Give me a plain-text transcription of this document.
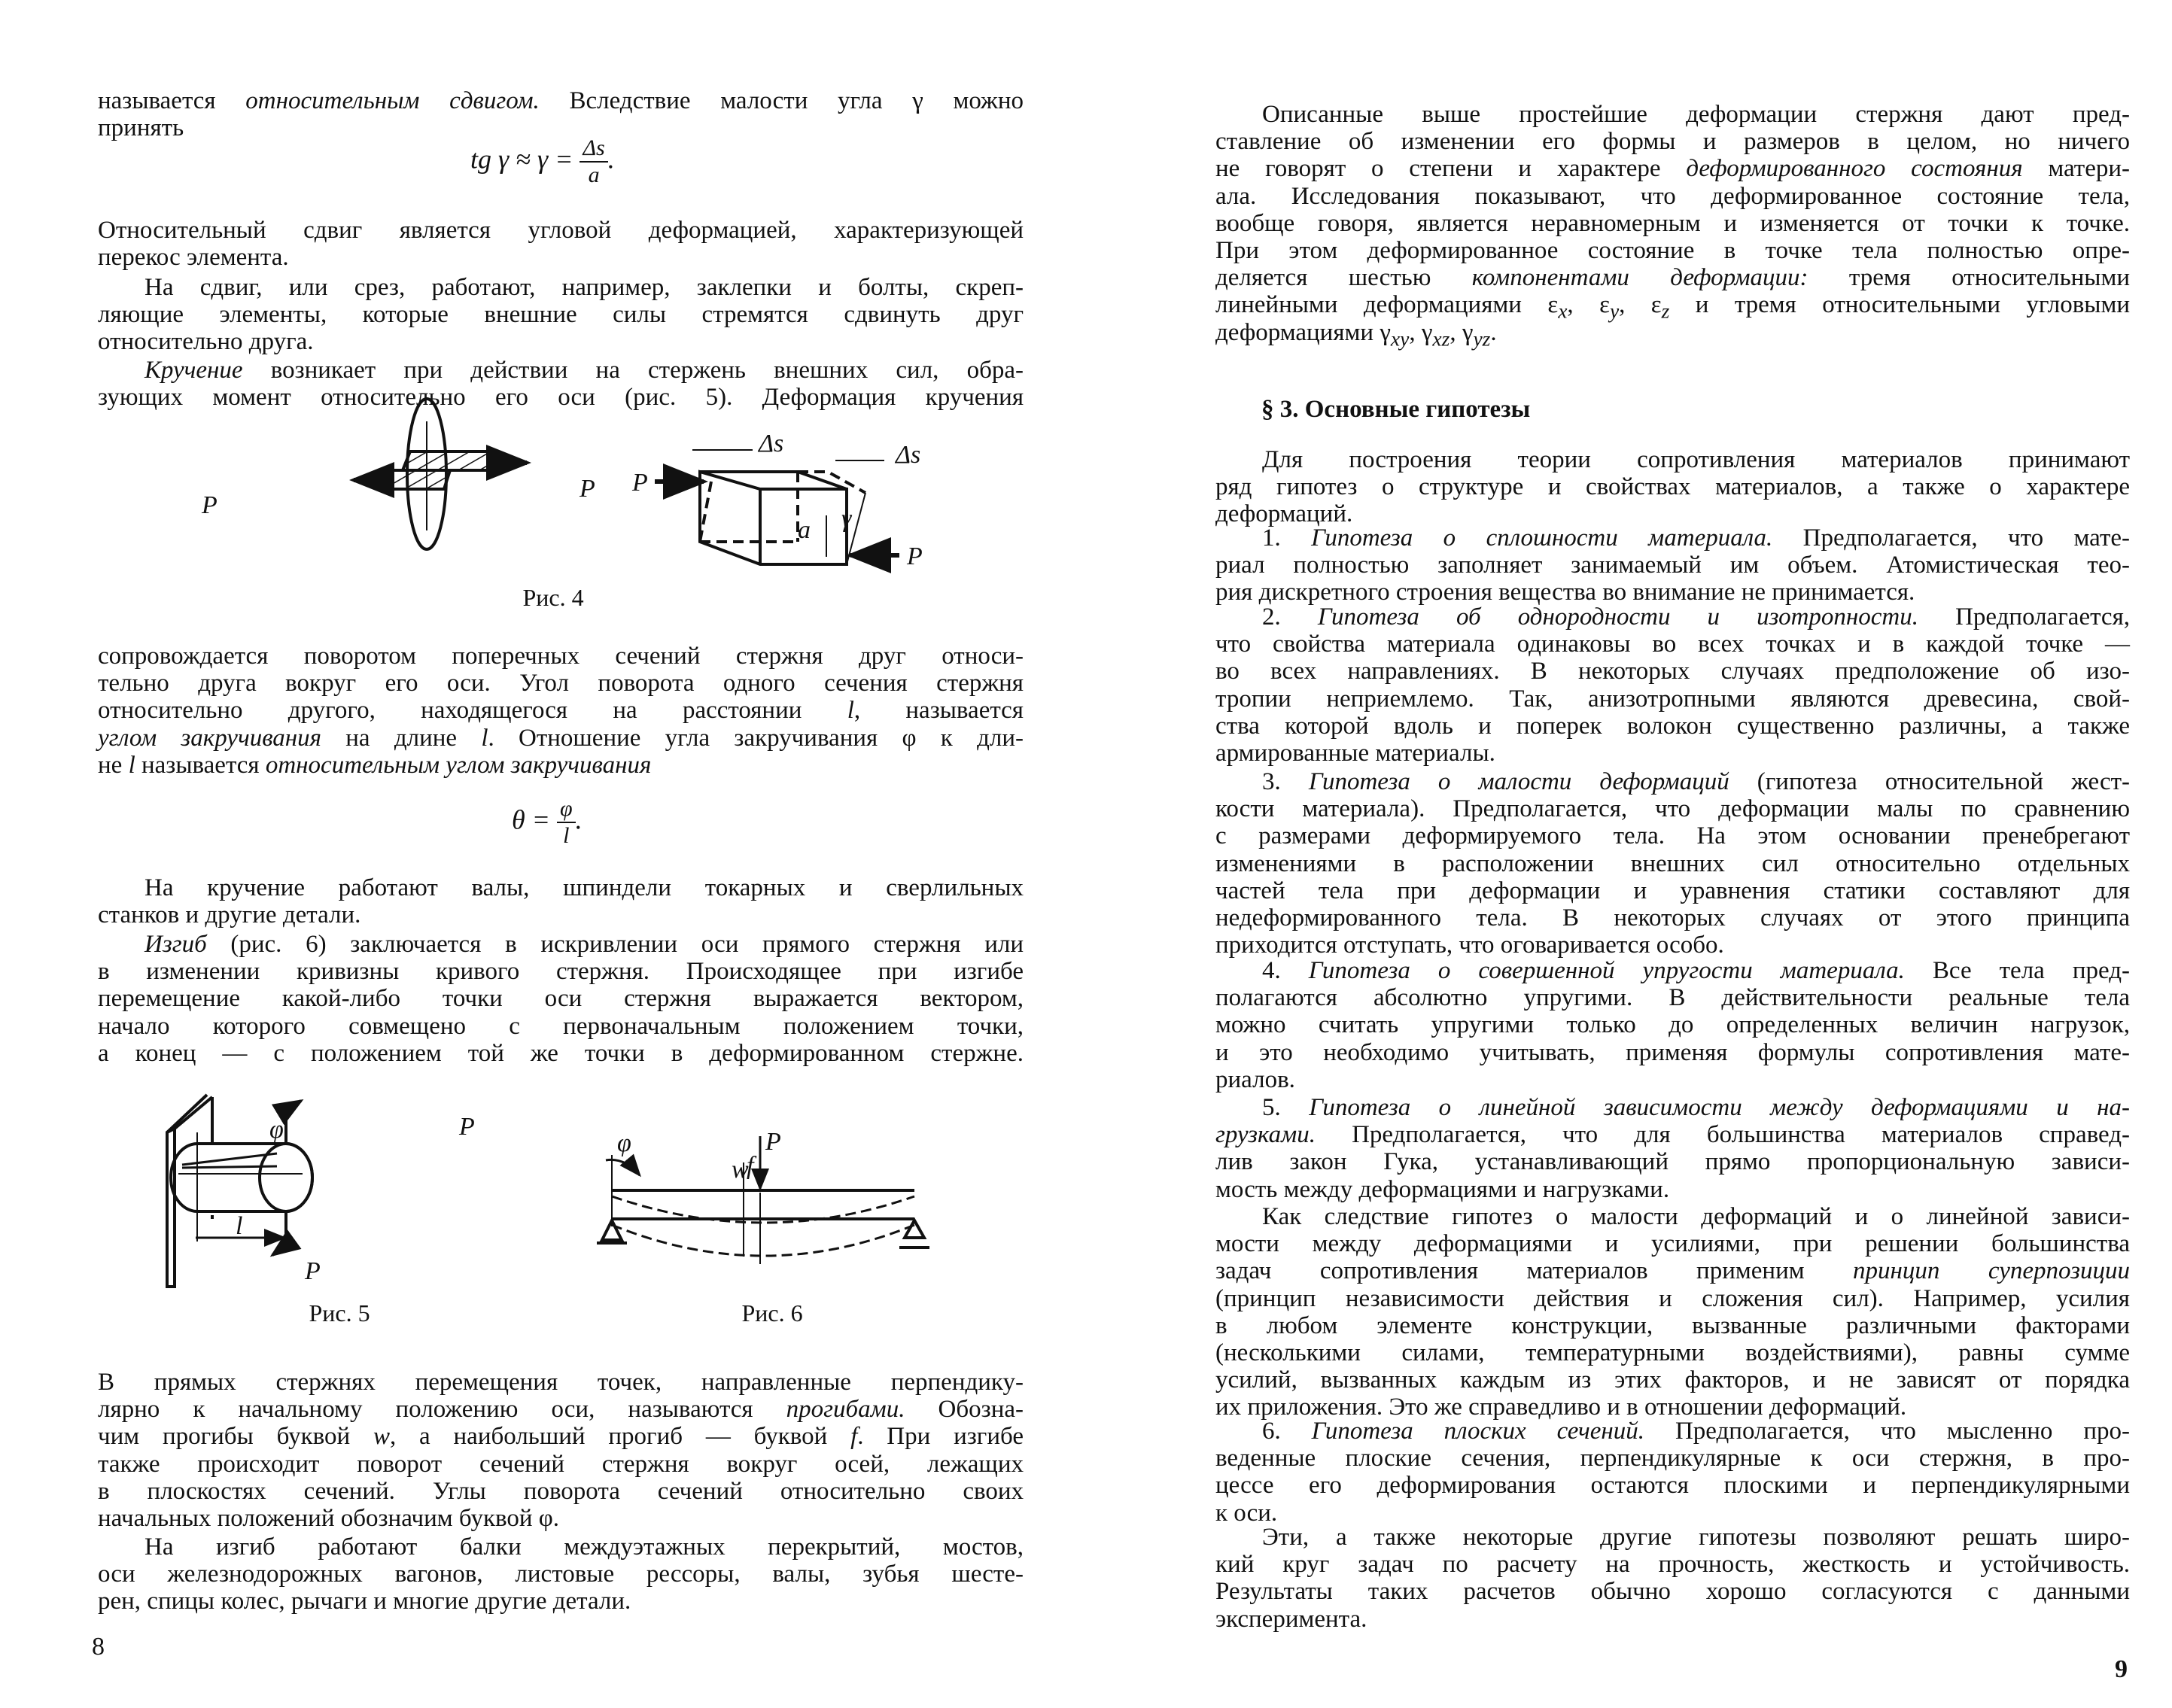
называется относительным сдвигом. Вследствие малости угла γ можно
принять
Относительный сдвиг является угловой деформацией, характеризующей
перекос элемента.
На сдвиг, или срез, работают, например, заклепки и болты, скреп-
ляющие элементы, которые внешние силы стремятся сдвинуть друг
относительно друга.
Кручение возникает при действии на стержень внешних сил, обра-
зующих момент относительно его оси (рис. 5). Деформация кручения
сопровождается поворотом поперечных сечений стержня друг относи-
тельно друга вокруг его оси. Угол поворота одного сечения стержня
относительно другого, находящегося на расстоянии l, называется
углом закручивания на длине l. Отношение угла закручивания φ к дли-
не l называется относительным углом закручивания
На кручение работают валы, шпиндели токарных и сверлильных
станков и другие детали.
Изгиб (рис. 6) заключается в искривлении оси прямого стержня или
в изменении кривизны кривого стержня. Происходящее при изгибе
перемещение какой-либо точки оси стержня выражается вектором,
начало которого совмещено с первоначальным положением точки,
а конец — с положением той же точки в деформированном стержне.
В прямых стержнях перемещения точек, направленные перпендику-
лярно к начальному положению оси, называются прогибами. Обозна-
чим прогибы буквой w, а наибольший прогиб — буквой f. При изгибе
также происходит поворот сечений стержня вокруг осей, лежащих
в плоскостях сечений. Углы поворота сечений относительно своих
начальных положений обозначим буквой φ.
На изгиб работают балки междуэтажных перекрытий, мостов,
оси железнодорожных вагонов, листовые рессоры, валы, зубья шесте-
рен, спицы колес, рычаги и многие другие детали.
Описанные выше простейшие деформации стержня дают пред-
ставление об изменении его формы и размеров в целом, но ничего
не говорят о степени и характере деформированного состояния матери-
ала. Исследования показывают, что деформированное состояние тела,
вообще говоря, является неравномерным и изменяется от точки к точке.
При этом деформированное состояние в точке тела полностью опре-
деляется шестью компонентами деформации: тремя относительными
линейными деформациями $\varepsilon_x$, $\varepsilon_y$, $\varepsilon_z$ и тремя относительными угловыми
деформациями $\gamma_{xy}$, $\gamma_{xz}$, $\gamma_{yz}$.
Для построения теории сопротивления материалов принимают
ряд гипотез о структуре и свойствах материалов, а также о характере
деформаций.
1. Гипотеза о сплошности материала. Предполагается, что мате-
риал полностью заполняет занимаемый им объем. Атомистическая тео-
рия дискретного строения вещества во внимание не принимается.
2. Гипотеза об однородности и изотропности. Предполагается,
что свойства материала одинаковы во всех точках и в каждой точке —
во всех направлениях. В некоторых случаях предположение об изо-
тропии неприемлемо. Так, анизотропными являются древесина, свой-
ства которой вдоль и поперек волокон существенно различны, а также
армированные материалы.
3. Гипотеза о малости деформаций (гипотеза относительной жест-
кости материала). Предполагается, что деформации малы по сравнению
с размерами деформируемого тела. На этом основании пренебрегают
изменениями в расположении внешних сил относительно отдельных
частей тела при деформации и уравнения статики составляют для
недеформированного тела. В некоторых случаях от этого принципа
приходится отступать, что оговаривается особо.
4. Гипотеза о совершенной упругости материала. Все тела пред-
полагаются абсолютно упругими. В действительности реальные тела
можно считать упругими только до определенных величин нагрузок,
и это необходимо учитывать, применяя формулы сопротивления мате-
риалов.
5. Гипотеза о линейной зависимости между деформациями и на-
грузками. Предполагается, что для большинства материалов справед-
лив закон Гука, устанавливающий прямо пропорциональную зависи-
мость между деформациями и нагрузками.
Как следствие гипотез о малости деформаций и о линейной зависи-
мости между деформациями и усилиями, при решении большинства
задач сопротивления материалов применим принцип суперпозиции
(принцип независимости действия и сложения сил). Например, усилия
в любом элементе конструкции, вызванные различными факторами
(несколькими силами, температурными воздействиями), равны сумме
усилий, вызванных каждым из этих факторов, и не зависят от порядка
их приложения. Это же справедливо и в отношении деформаций.
6. Гипотеза плоских сечений. Предполагается, что мысленно про-
веденные плоские сечения, перпендикулярные к оси стержня, в про-
цессе его деформирования остаются плоскими и перпендикулярными
к оси.
Эти, а также некоторые другие гипотезы позволяют решать широ-
кий круг задач по расчету на прочность, жесткость и устойчивость.
Результаты таких расчетов обычно хорошо согласуются с данными
эксперимента.
tg $\gamma \approx \gamma = \frac{\Delta s}{a}$ .
$\theta = \frac{\varphi}{l}$ .
§ 3. Основные гипотезы
Рис. 4
Рис. 5	Рис. 6
8
9
P
P P
Δs	Δs
P
a γ
P
P
φ
l
φ
w
f
P
